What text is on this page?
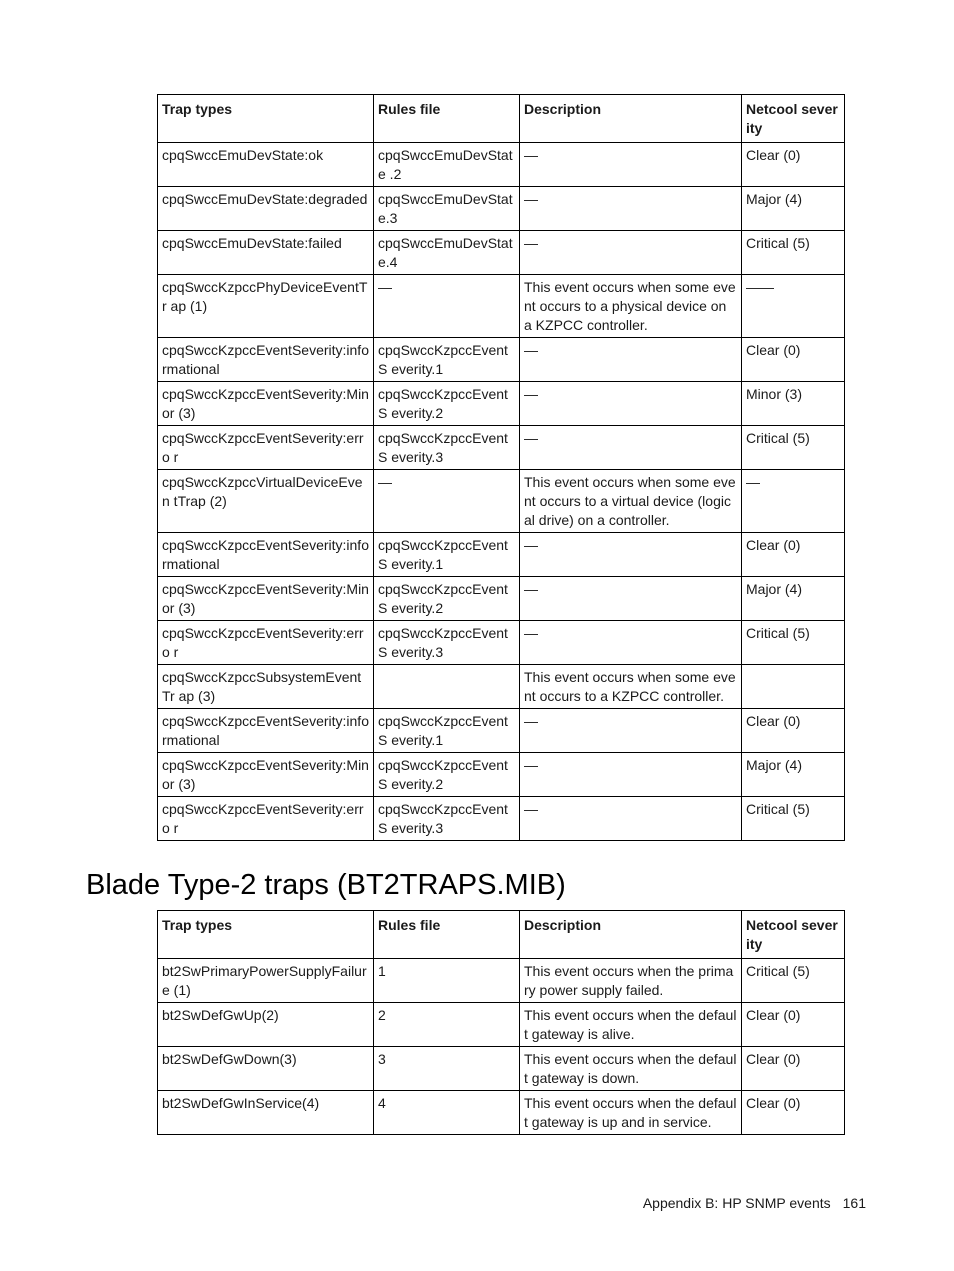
Trap types	Rules file	Description	Netcool severity
cpqSwccEmuDevState:ok	cpqSwccEmuDevStat e .2	—	Clear (0)
cpqSwccEmuDevState:degraded	cpqSwccEmuDevStat e.3	—	Major (4)
cpqSwccEmuDevState:failed	cpqSwccEmuDevStat e.4	—	Critical (5)
cpqSwccKzpccPhyDeviceEventTr ap (1)	—	This event occurs when some event occurs to a physical device on a KZPCC controller.	——
cpqSwccKzpccEventSeverity:info rmational	cpqSwccKzpccEventS everity.1	—	Clear (0)
cpqSwccKzpccEventSeverity:Min or (3)	cpqSwccKzpccEventS everity.2	—	Minor (3)
cpqSwccKzpccEventSeverity:erro r	cpqSwccKzpccEventS everity.3	—	Critical (5)
cpqSwccKzpccVirtualDeviceEven tTrap (2)	—	This event occurs when some event occurs to a virtual device (logical drive) on a controller.	—
cpqSwccKzpccEventSeverity:info rmational	cpqSwccKzpccEventS everity.1	—	Clear (0)
cpqSwccKzpccEventSeverity:Min or (3)	cpqSwccKzpccEventS everity.2	—	Major (4)
cpqSwccKzpccEventSeverity:erro r	cpqSwccKzpccEventS everity.3	—	Critical (5)
cpqSwccKzpccSubsystemEventTr ap (3)		This event occurs when some event occurs to a KZPCC controller.	
cpqSwccKzpccEventSeverity:info rmational	cpqSwccKzpccEventS everity.1	—	Clear (0)
cpqSwccKzpccEventSeverity:Min or (3)	cpqSwccKzpccEventS everity.2	—	Major (4)
cpqSwccKzpccEventSeverity:erro r	cpqSwccKzpccEventS everity.3	—	Critical (5)
Blade Type-2 traps (BT2TRAPS.MIB)
Trap types	Rules file	Description	Netcool severity
bt2SwPrimaryPowerSupplyFailur e (1)	1	This event occurs when the primary power supply failed.	Critical (5)
bt2SwDefGwUp(2)	2	This event occurs when the default gateway is alive.	Clear (0)
bt2SwDefGwDown(3)	3	This event occurs when the default gateway is down.	Clear (0)
bt2SwDefGwInService(4)	4	This event occurs when the default gateway is up and in service.	Clear (0)
Appendix B: HP SNMP events 161
